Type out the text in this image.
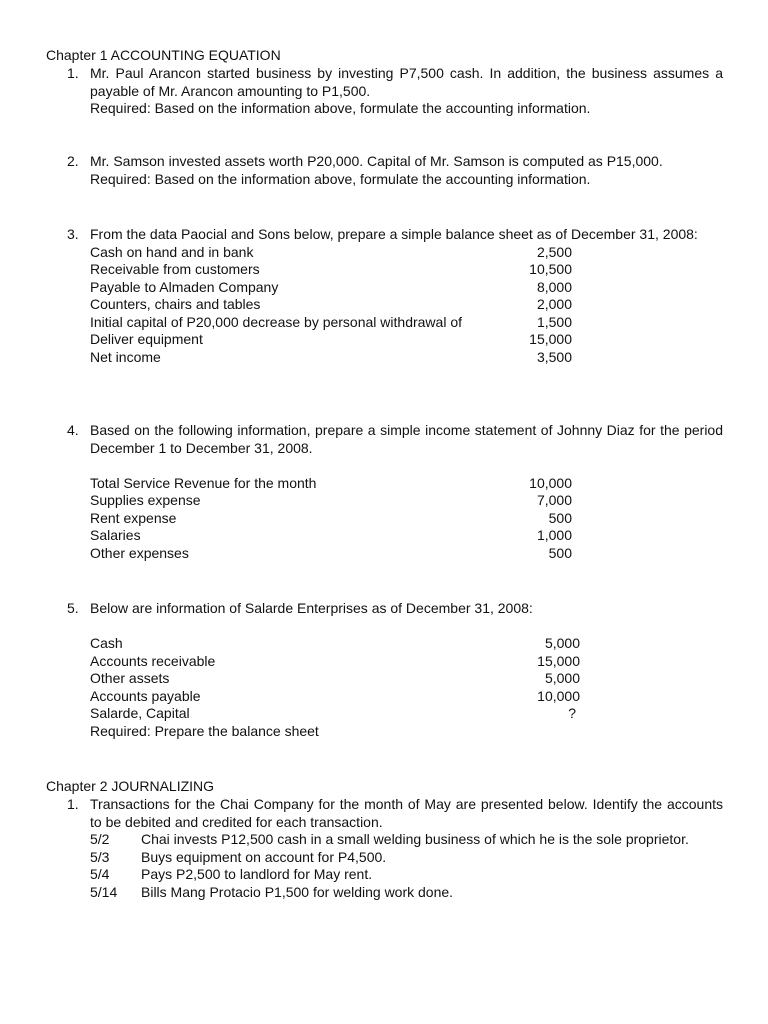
Chapter 1 ACCOUNTING EQUATION
1. Mr. Paul Arancon started business by investing P7,500 cash. In addition, the business assumes a payable of Mr. Arancon amounting to P1,500.
Required: Based on the information above, formulate the accounting information.
2. Mr. Samson invested assets worth P20,000. Capital of Mr. Samson is computed as P15,000.
Required: Based on the information above, formulate the accounting information.
3. From the data Paocial and Sons below, prepare a simple balance sheet as of December 31, 2008:
Cash on hand and in bank	2,500
Receivable from customers	10,500
Payable to Almaden Company	8,000
Counters, chairs and tables	2,000
Initial capital of P20,000 decrease by personal withdrawal of	1,500
Deliver equipment	15,000
Net income	3,500
4. Based on the following information, prepare a simple income statement of Johnny Diaz for the period December 1 to December 31, 2008.
Total Service Revenue for the month	10,000
Supplies expense	7,000
Rent expense	500
Salaries	1,000
Other expenses	500
5. Below are information of Salarde Enterprises as of December 31, 2008:
Cash	5,000
Accounts receivable	15,000
Other assets	5,000
Accounts payable	10,000
Salarde, Capital	?
Required: Prepare the balance sheet
Chapter 2 JOURNALIZING
1. Transactions for the Chai Company for the month of May are presented below. Identify the accounts to be debited and credited for each transaction.
5/2	Chai invests P12,500 cash in a small welding business of which he is the sole proprietor.
5/3	Buys equipment on account for P4,500.
5/4	Pays P2,500 to landlord for May rent.
5/14	Bills Mang Protacio P1,500 for welding work done.
